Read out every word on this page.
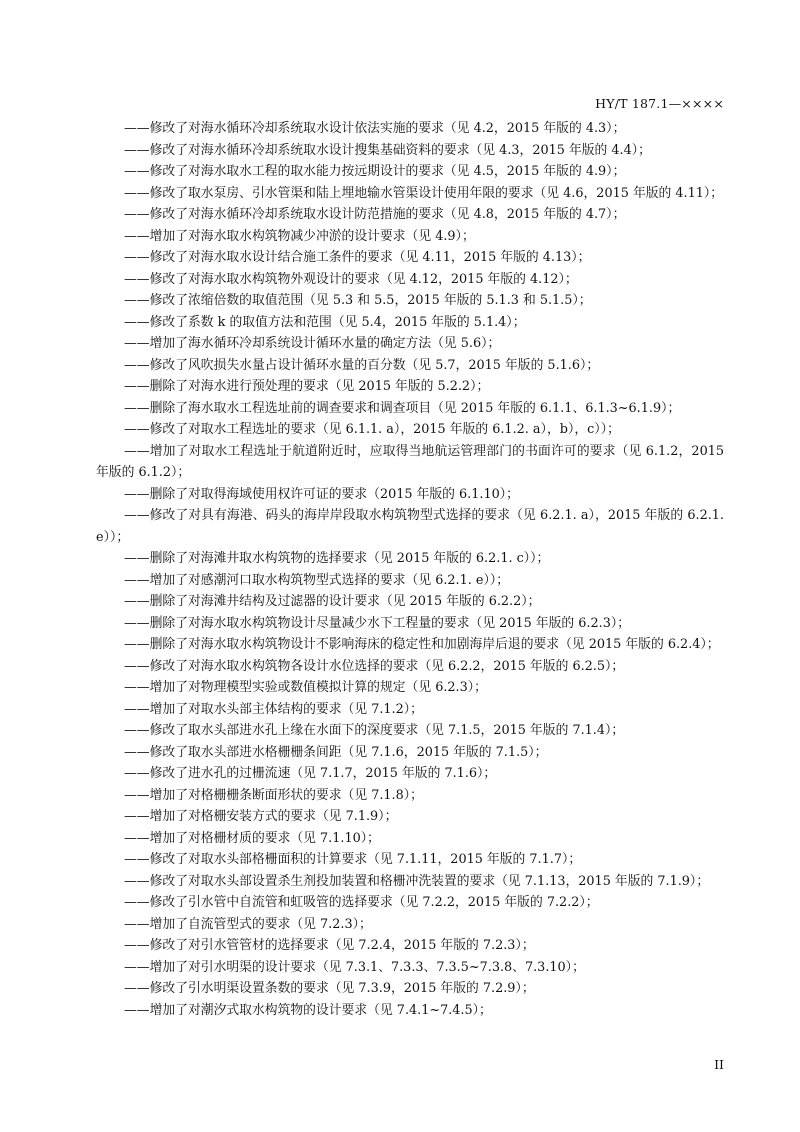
HY/T 187.1—××××

——修改了对海水循环冷却系统取水设计依法实施的要求（见 4.2，2015 年版的 4.3）；

——修改了对海水循环冷却系统取水设计搜集基础资料的要求（见 4.3，2015 年版的 4.4）；

——修改了对海水取水工程的取水能力按远期设计的要求（见 4.5，2015 年版的 4.9）；

——修改了取水泵房、引水管渠和陆上埋地输水管渠设计使用年限的要求（见 4.6，2015 年版的 4.11）；

——修改了对海水循环冷却系统取水设计防范措施的要求（见 4.8，2015 年版的 4.7）；

——增加了对海水取水构筑物减少冲淤的设计要求（见 4.9）；

——修改了对海水取水设计结合施工条件的要求（见 4.11，2015 年版的 4.13）；

——修改了对海水取水构筑物外观设计的要求（见 4.12，2015 年版的 4.12）；

——修改了浓缩倍数的取值范围（见 5.3 和 5.5，2015 年版的 5.1.3 和 5.1.5）；

——修改了系数 k 的取值方法和范围（见 5.4，2015 年版的 5.1.4）；

——增加了海水循环冷却系统设计循环水量的确定方法（见 5.6）；

——修改了风吹损失水量占设计循环水量的百分数（见 5.7，2015 年版的 5.1.6）；

——删除了对海水进行预处理的要求（见 2015 年版的 5.2.2）；

——删除了海水取水工程选址前的调查要求和调查项目（见 2015 年版的 6.1.1、6.1.3~6.1.9）；

——修改了对取水工程选址的要求（见 6.1.1. a），2015 年版的 6.1.2. a），b），c））；

——增加了对取水工程选址于航道附近时，应取得当地航运管理部门的书面许可的要求（见 6.1.2，2015 年版的 6.1.2）；

——删除了对取得海域使用权许可证的要求（2015 年版的 6.1.10）；

——修改了对具有海港、码头的海岸岸段取水构筑物型式选择的要求（见 6.2.1. a），2015 年版的 6.2.1. e））；

——删除了对海滩井取水构筑物的选择要求（见 2015 年版的 6.2.1. c））；

——增加了对感潮河口取水构筑物型式选择的要求（见 6.2.1. e））；

——删除了对海滩井结构及过滤器的设计要求（见 2015 年版的 6.2.2）；

——删除了对海水取水构筑物设计尽量减少水下工程量的要求（见 2015 年版的 6.2.3）；

——删除了对海水取水构筑物设计不影响海床的稳定性和加剧海岸后退的要求（见 2015 年版的 6.2.4）；

——修改了对海水取水构筑物各设计水位选择的要求（见 6.2.2，2015 年版的 6.2.5）；

——增加了对物理模型实验或数值模拟计算的规定（见 6.2.3）；

——增加了对取水头部主体结构的要求（见 7.1.2）；

——修改了取水头部进水孔上缘在水面下的深度要求（见 7.1.5，2015 年版的 7.1.4）；

——修改了取水头部进水格栅栅条间距（见 7.1.6，2015 年版的 7.1.5）；

——修改了进水孔的过栅流速（见 7.1.7，2015 年版的 7.1.6）；

——增加了对格栅栅条断面形状的要求（见 7.1.8）；

——增加了对格栅安装方式的要求（见 7.1.9）；

——增加了对格栅材质的要求（见 7.1.10）；

——修改了对取水头部格栅面积的计算要求（见 7.1.11，2015 年版的 7.1.7）；

——修改了对取水头部设置杀生剂投加装置和格栅冲洗装置的要求（见 7.1.13，2015 年版的 7.1.9）；

——修改了引水管中自流管和虹吸管的选择要求（见 7.2.2，2015 年版的 7.2.2）；

——增加了自流管型式的要求（见 7.2.3）；

——修改了对引水管管材的选择要求（见 7.2.4，2015 年版的 7.2.3）；

——增加了对引水明渠的设计要求（见 7.3.1、7.3.3、7.3.5~7.3.8、7.3.10）；

——修改了引水明渠设置条数的要求（见 7.3.9，2015 年版的 7.2.9）；

——增加了对潮汐式取水构筑物的设计要求（见 7.4.1~7.4.5）；

II
